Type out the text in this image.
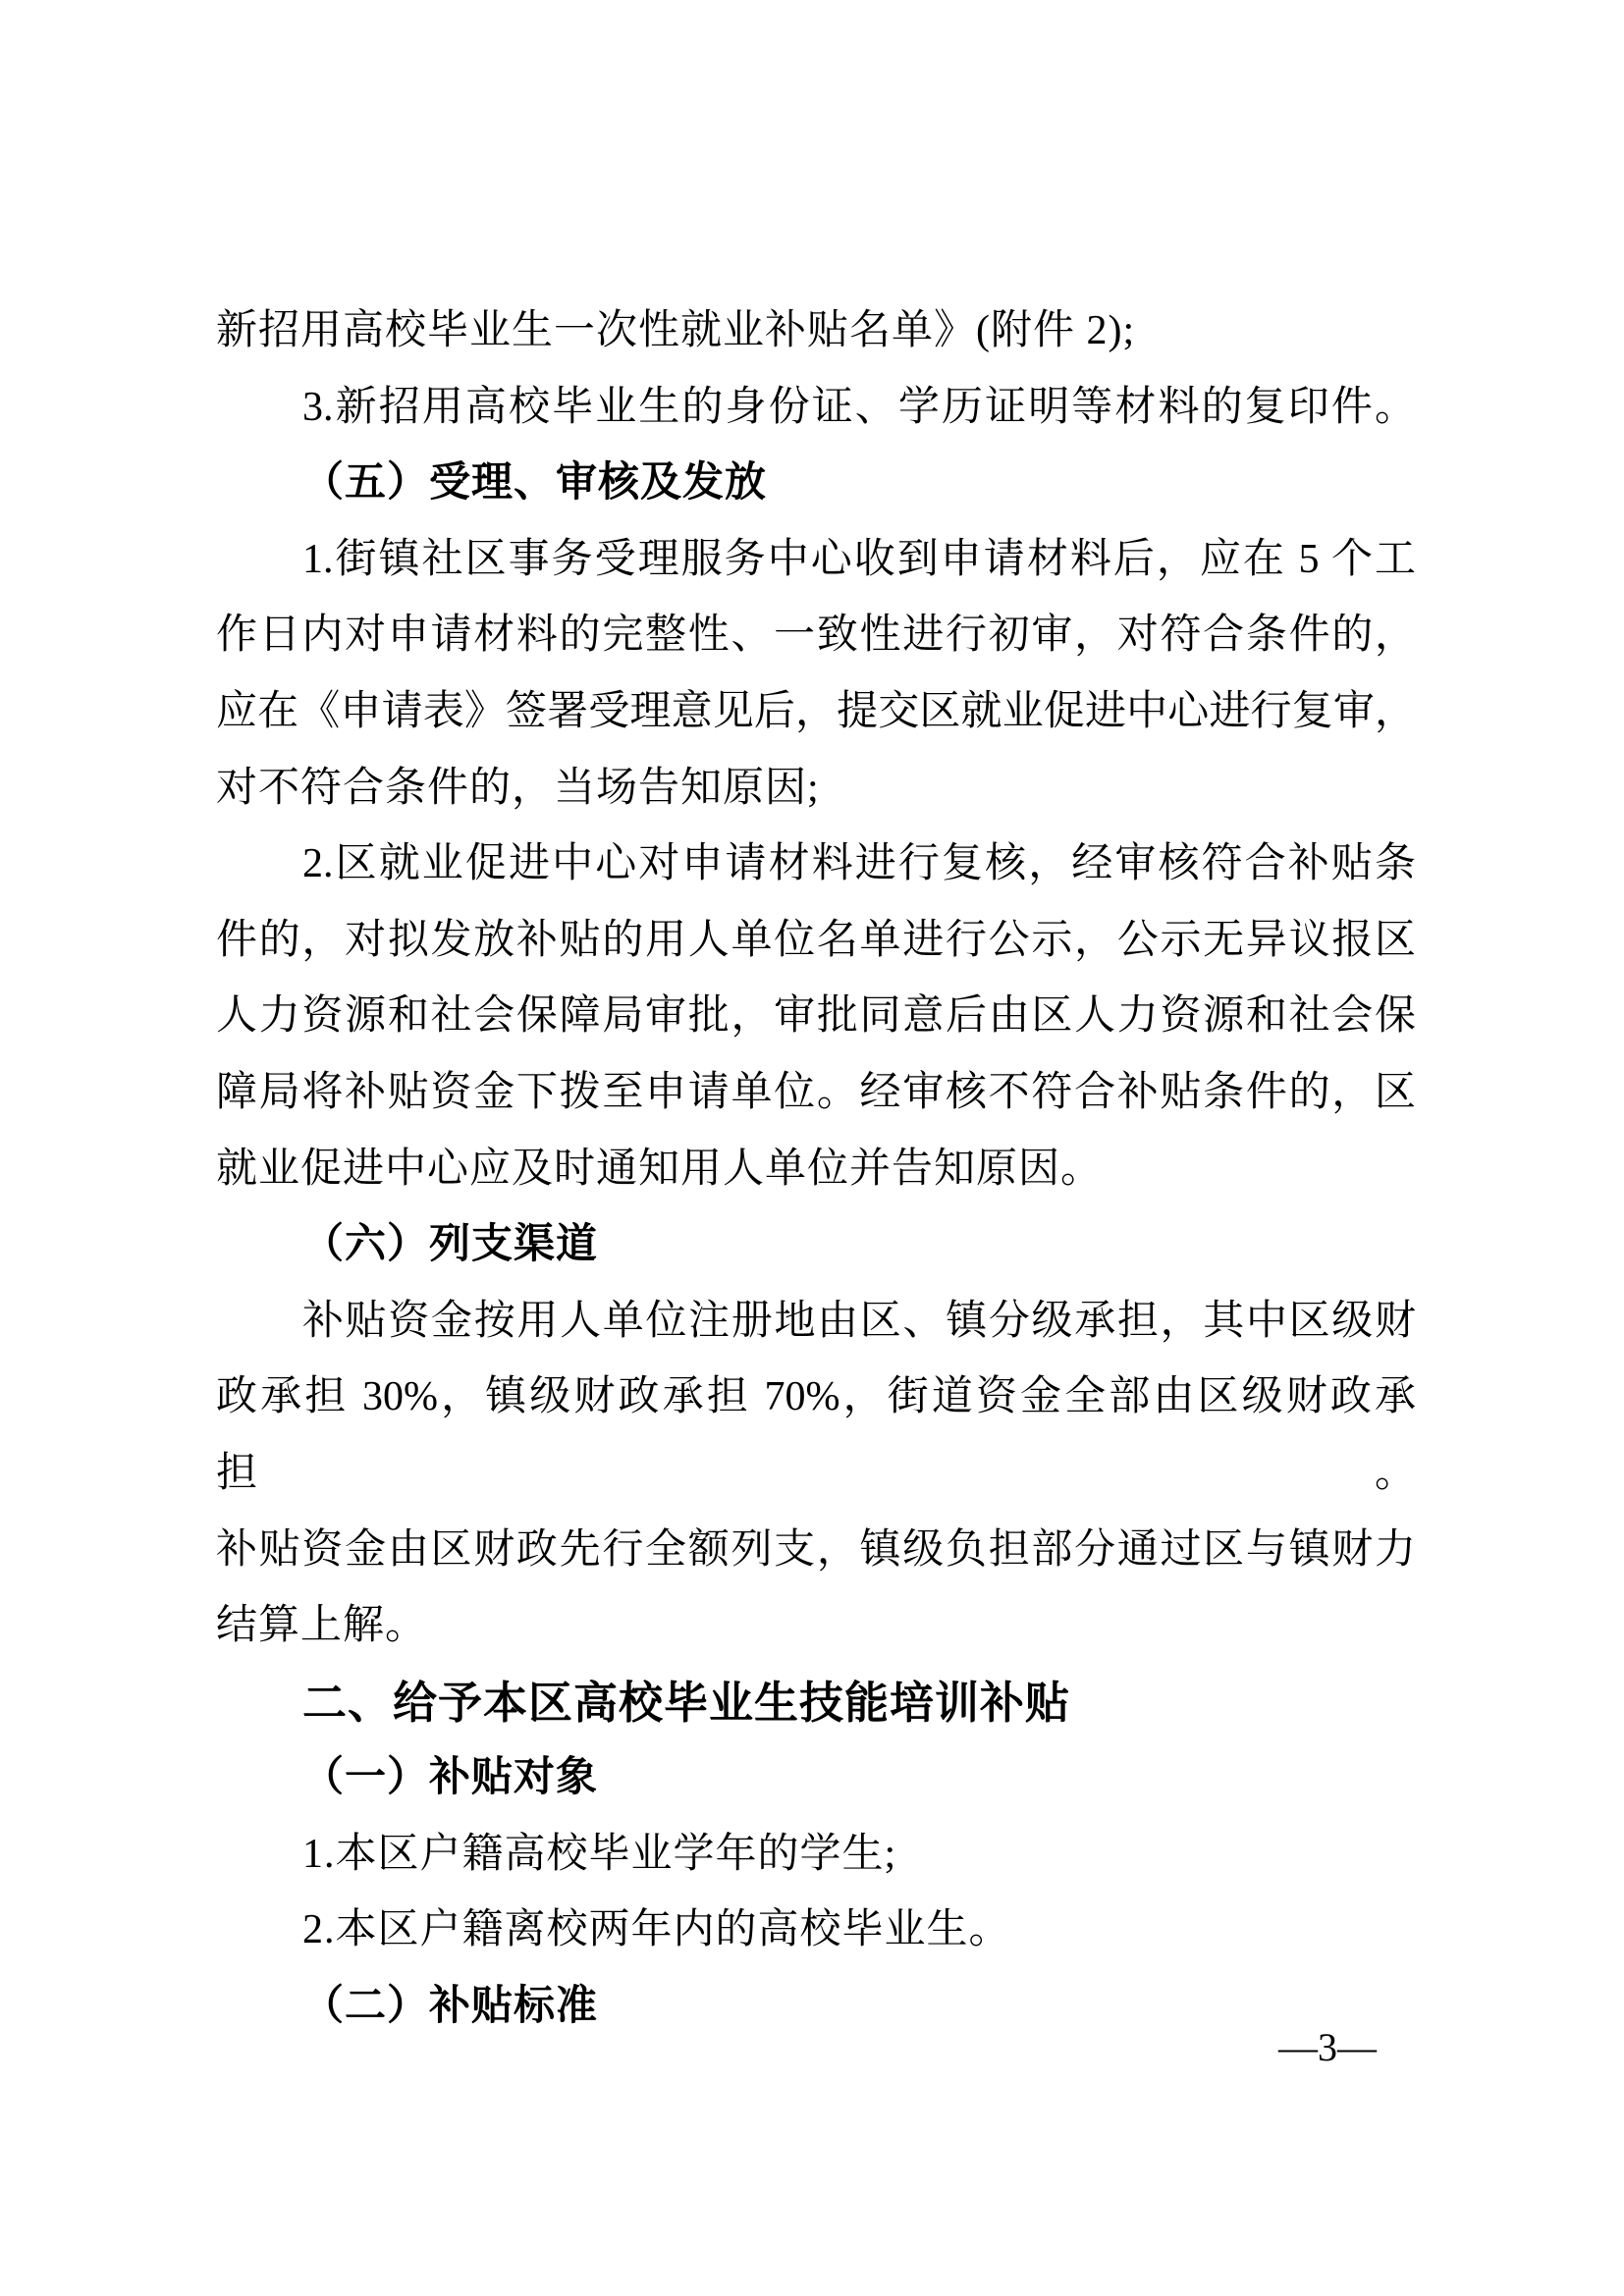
新招用高校毕业生一次性就业补贴名单》(附件 2);
3.新招用高校毕业生的身份证、学历证明等材料的复印件。
（五）受理、审核及发放
1.街镇社区事务受理服务中心收到申请材料后，应在 5 个工
作日内对申请材料的完整性、一致性进行初审，对符合条件的，
应在《申请表》签署受理意见后，提交区就业促进中心进行复审，
对不符合条件的，当场告知原因;
2.区就业促进中心对申请材料进行复核，经审核符合补贴条
件的，对拟发放补贴的用人单位名单进行公示，公示无异议报区
人力资源和社会保障局审批，审批同意后由区人力资源和社会保
障局将补贴资金下拨至申请单位。经审核不符合补贴条件的，区
就业促进中心应及时通知用人单位并告知原因。
（六）列支渠道
补贴资金按用人单位注册地由区、镇分级承担，其中区级财
政承担 30%，镇级财政承担 70%，街道资金全部由区级财政承担。
补贴资金由区财政先行全额列支，镇级负担部分通过区与镇财力
结算上解。
二、给予本区高校毕业生技能培训补贴
（一）补贴对象
1.本区户籍高校毕业学年的学生;
2.本区户籍离校两年内的高校毕业生。
（二）补贴标准
—3—
